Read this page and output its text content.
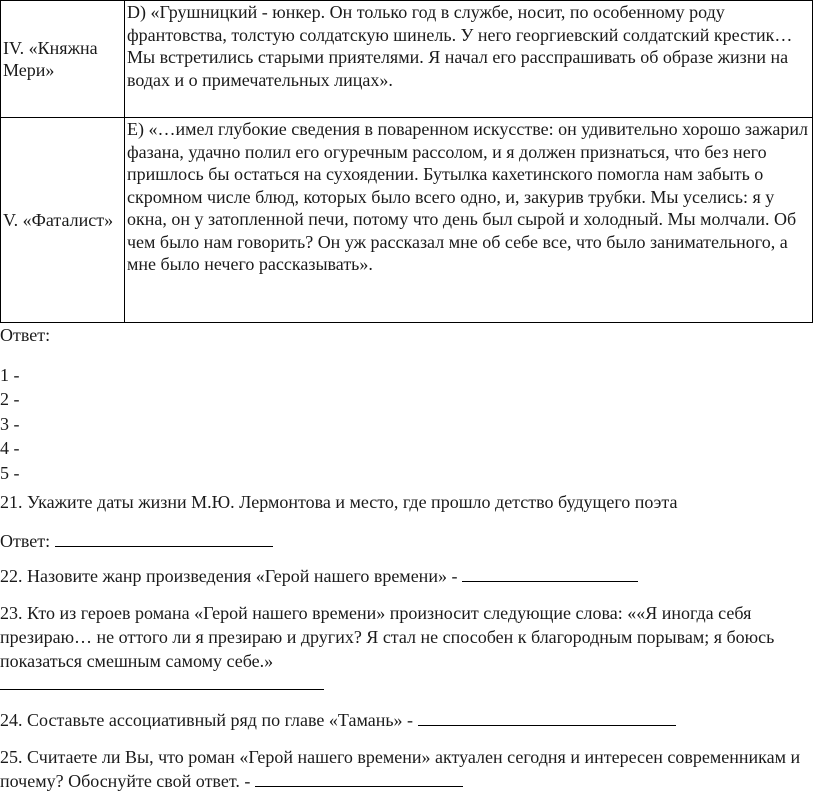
IV. «Княжна Мери»	D) «Грушницкий - юнкер. Он только год в службе, носит, по особенному роду франтовства, толстую солдатскую шинель. У него георгиевский солдатский крестик… Мы встретились старыми приятелями. Я начал его расспрашивать об образе жизни на водах и о примечательных лицах».
V. «Фаталист»	E) «…имел глубокие сведения в поваренном искусстве: он удивительно хорошо зажарил фазана, удачно полил его огуречным рассолом, и я должен признаться, что без него пришлось бы остаться на сухоядении. Бутылка кахетинского помогла нам забыть о скромном числе блюд, которых было всего одно, и, закурив трубки. Мы уселись: я у окна, он у затопленной печи, потому что день был сырой и холодный. Мы молчали. Об чем было нам говорить? Он уж рассказал мне об себе все, что было занимательного, а мне было нечего рассказывать».
Ответ:
1 -
2 -
3 -
4 -
5 -
21. Укажите даты жизни М.Ю. Лермонтова и место, где прошло детство будущего поэта
Ответ:
22. Назовите жанр произведения «Герой нашего времени» -
23. Кто из героев романа «Герой нашего времени» произносит следующие слова: ««Я иногда себя презираю… не оттого ли я презираю и других? Я стал не способен к благородным порывам; я боюсь показаться смешным самому себе.»
24. Составьте ассоциативный ряд по главе «Тамань» -
25. Считаете ли Вы, что роман «Герой нашего времени» актуален сегодня и интересен современникам и почему? Обоснуйте свой ответ. -
